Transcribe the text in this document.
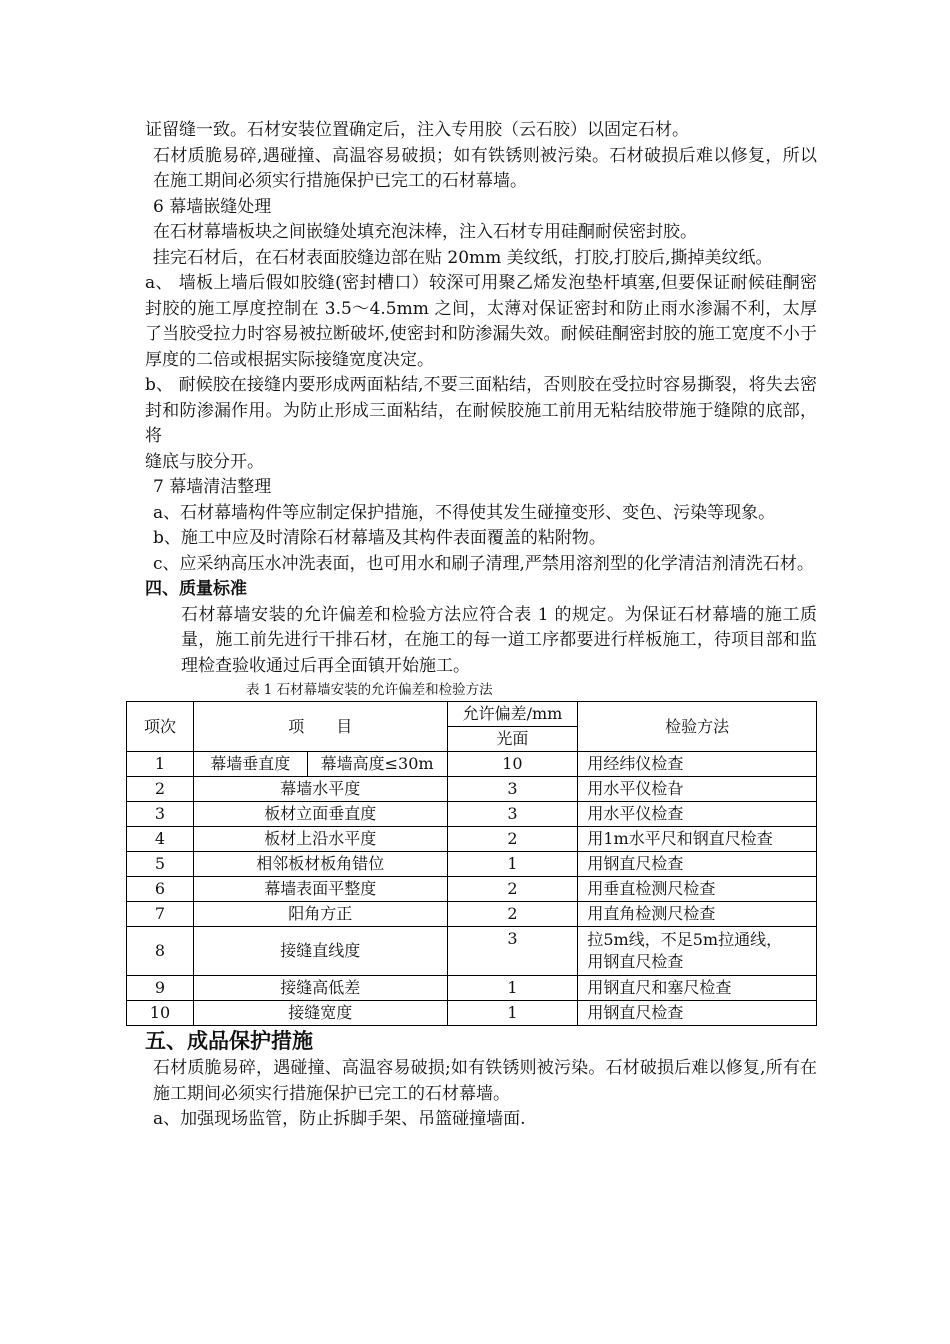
证留缝一致。石材安装位置确定后，注入专用胶（云石胶）以固定石材。

石材质脆易碎,遇碰撞、高温容易破损；如有铁锈则被污染。石材破损后难以修复，所以在施工期间必须实行措施保护已完工的石材幕墙。

6 幕墙嵌缝处理

在石材幕墙板块之间嵌缝处填充泡沫棒，注入石材专用硅酮耐侯密封胶。

挂完石材后，在石材表面胶缝边部在贴 20mm 美纹纸，打胶,打胶后,撕掉美纹纸。

a、 墙板上墙后假如胶缝(密封槽口）较深可用聚乙烯发泡垫杆填塞,但要保证耐候硅酮密封胶的施工厚度控制在 3.5～4.5mm 之间，太薄对保证密封和防止雨水渗漏不利，太厚了当胶受拉力时容易被拉断破坏,使密封和防渗漏失效。耐候硅酮密封胶的施工宽度不小于厚度的二倍或根据实际接缝宽度决定。

b、 耐候胶在接缝内要形成两面粘结,不要三面粘结，否则胶在受拉时容易撕裂，将失去密封和防渗漏作用。为防止形成三面粘结，在耐候胶施工前用无粘结胶带施于缝隙的底部，将

缝底与胶分开。

7 幕墙清洁整理

a、石材幕墙构件等应制定保护措施，不得使其发生碰撞变形、变色、污染等现象。

b、施工中应及时清除石材幕墙及其构件表面覆盖的粘附物。

c、应采纳高压水冲洗表面，也可用水和刷子清理,严禁用溶剂型的化学清洁剂清洗石材。

四、质量标准

石材幕墙安装的允许偏差和检验方法应符合表 1 的规定。为保证石材幕墙的施工质量，施工前先进行干排石材，在施工的每一道工序都要进行样板施工，待项目部和监理检查验收通过后再全面镇开始施工。

表 1 石材幕墙安装的允许偏差和检验方法

项次	项　　目		允许偏差/mm	检验方法
			光面	
1	幕墙垂直度	幕墙高度≤30m	10	用经纬仪检查
2	幕墙水平度		3	用水平仪检旮
3	板材立面垂直度		3	用水平仪检查
4	板材上沿水平度		2	用1m水平尺和钢直尺检查
5	相邻板材板角错位		1	用钢直尺检查
6	幕墙表面平整度		2	用垂直检测尺检查
7	阳角方正		2	用直角检测尺检查
8	接缝直线度		3	拉5m线，不足5m拉通线，
用钢直尺检查

9	接缝高低差		1	用钢直尺和塞尺检查
10	接缝宽度		1	用钢直尺检查

五、成品保护措施

石材质脆易碎，遇碰撞、高温容易破损;如有铁锈则被污染。石材破损后难以修复,所有在施工期间必须实行措施保护已完工的石材幕墙。

a、加强现场监管，防止拆脚手架、吊篮碰撞墙面.
